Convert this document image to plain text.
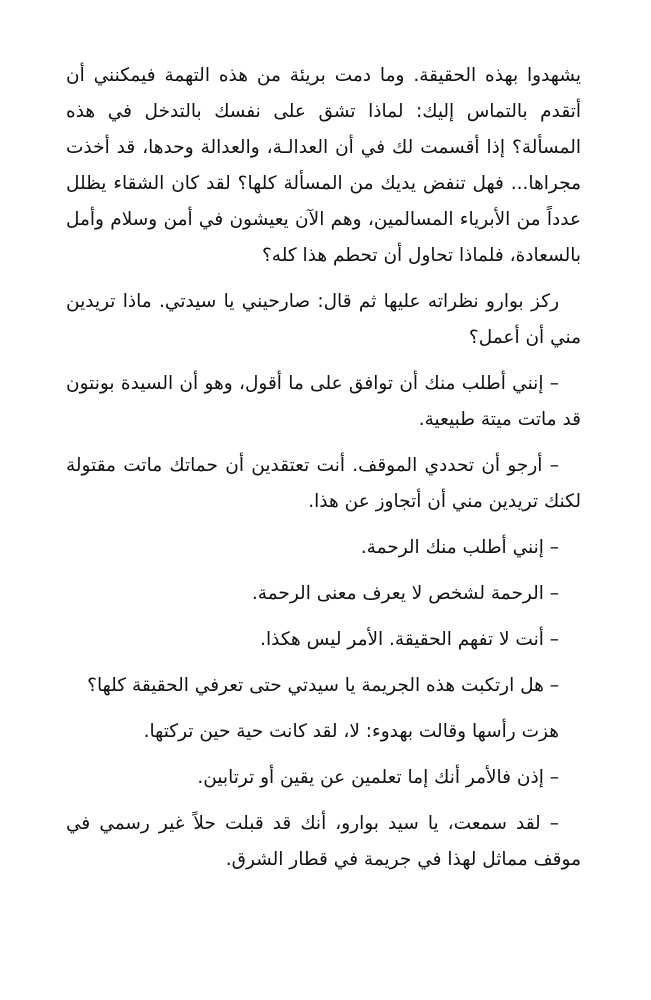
يشهدوا بهذه الحقيقة. وما دمت بريئة من هذه التهمة فيمكنني أن أتقدم بالتماس إليك: لماذا تشق على نفسك بالتدخل في هذه المسألة؟ إذا أقسمت لك في أن العدالـة، والعدالة وحدها، قد أخذت مجراها... فهل تنفض يديك من المسألة كلها؟ لقد كان الشقاء يظلل عدداً من الأبرياء المسالمين، وهم الآن يعيشون في أمن وسلام وأمل بالسعادة، فلماذا تحاول أن تحطم هذا كله؟

ركز بوارو نظراته عليها ثم قال: صارحيني يا سيدتي. ماذا تريدين مني أن أعمل؟

– إنني أطلب منك أن توافق على ما أقول، وهو أن السيدة بونتون قد ماتت ميتة طبيعية.

– أرجو أن تحددي الموقف. أنت تعتقدين أن حماتك ماتت مقتولة لكنك تريدين مني أن أتجاوز عن هذا.

– إنني أطلب منك الرحمة.

– الرحمة لشخص لا يعرف معنى الرحمة.

– أنت لا تفهم الحقيقة. الأمر ليس هكذا.

– هل ارتكبت هذه الجريمة يا سيدتي حتى تعرفي الحقيقة كلها؟

هزت رأسها وقالت بهدوء: لا، لقد كانت حية حين تركتها.

– إذن فالأمر أنك إما تعلمين عن يقين أو ترتابين.

– لقد سمعت، يا سيد بوارو، أنك قد قبلت حلاً غير رسمي في موقف مماثل لهذا في جريمة في قطار الشرق.
